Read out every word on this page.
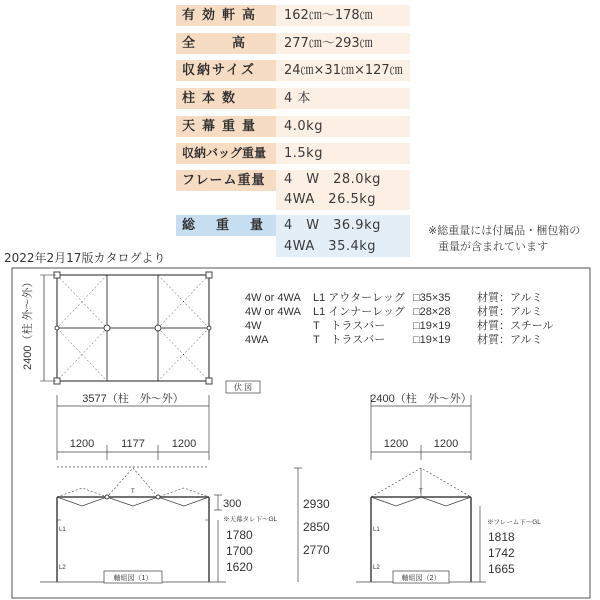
有効軒高	162㎝〜178㎝
全　高	277㎝〜293㎝
収納サイズ	24㎝×31㎝×127㎝
柱本数	4 本
天幕重量	4.0kg
収納バッグ重量	1.5kg
フレーム重量	4　W　28.0kg
4WA　26.5kg
総　重　量	4　W　36.9kg
4WA　35.4kg
※総重量には付属品・梱包箱の
重量が含まれています
2022年2月17版カタログより
2400（柱 外〜外）
伏 図
4W or 4WA L1 アウターレッグ □35×35 材質：アルミ
4W or 4WA L1 インナーレッグ □28×28 材質：アルミ
4W	T　トラスバー	□19×19 材質：スチール
4WA	T　トラスバー	□19×19 材質：アルミ
3577（柱　外〜外）
1200 1177 1200
L1
L2
T
軸組図（1）
300
※天幕タレ下〜GL
1780
1700
1620
2930
2850
2770
2400（柱　外〜外）
1200 1200
L1
L2
T
軸組図（2）
※フレーム下〜GL
1818
1742
1665
